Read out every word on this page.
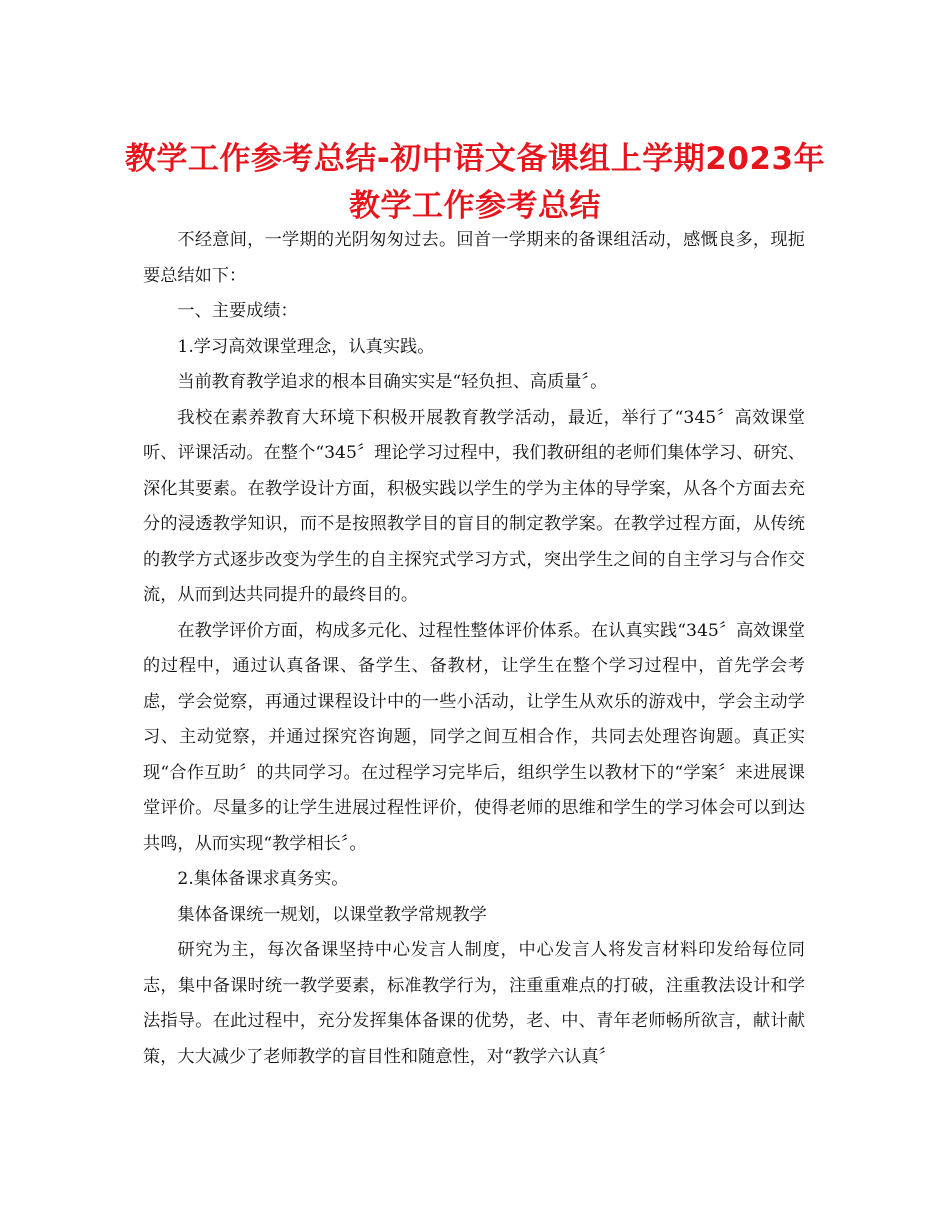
教学工作参考总结-初中语文备课组上学期2023年教学工作参考总结

不经意间，一学期的光阴匆匆过去。回首一学期来的备课组活动，感慨良多，现扼要总结如下：

一、主要成绩：

1.学习高效课堂理念，认真实践。

当前教育教学追求的根本目确实实是“轻负担、高质量〞。

我校在素养教育大环境下积极开展教育教学活动，最近，举行了“345〞高效课堂听、评课活动。在整个“345〞理论学习过程中，我们教研组的老师们集体学习、研究、深化其要素。在教学设计方面，积极实践以学生的学为主体的导学案，从各个方面去充分的浸透教学知识，而不是按照教学目的盲目的制定教学案。在教学过程方面，从传统的教学方式逐步改变为学生的自主探究式学习方式，突出学生之间的自主学习与合作交流，从而到达共同提升的最终目的。

在教学评价方面，构成多元化、过程性整体评价体系。在认真实践“345〞高效课堂的过程中，通过认真备课、备学生、备教材，让学生在整个学习过程中，首先学会考虑，学会觉察，再通过课程设计中的一些小活动，让学生从欢乐的游戏中，学会主动学习、主动觉察，并通过探究咨询题，同学之间互相合作，共同去处理咨询题。真正实现“合作互助〞的共同学习。在过程学习完毕后，组织学生以教材下的“学案〞来进展课堂评价。尽量多的让学生进展过程性评价，使得老师的思维和学生的学习体会可以到达共鸣，从而实现“教学相长〞。

2.集体备课求真务实。

集体备课统一规划，以课堂教学常规教学

研究为主，每次备课坚持中心发言人制度，中心发言人将发言材料印发给每位同志，集中备课时统一教学要素，标准教学行为，注重重难点的打破，注重教法设计和学法指导。在此过程中，充分发挥集体备课的优势，老、中、青年老师畅所欲言，献计献策，大大减少了老师教学的盲目性和随意性，对“教学六认真〞
